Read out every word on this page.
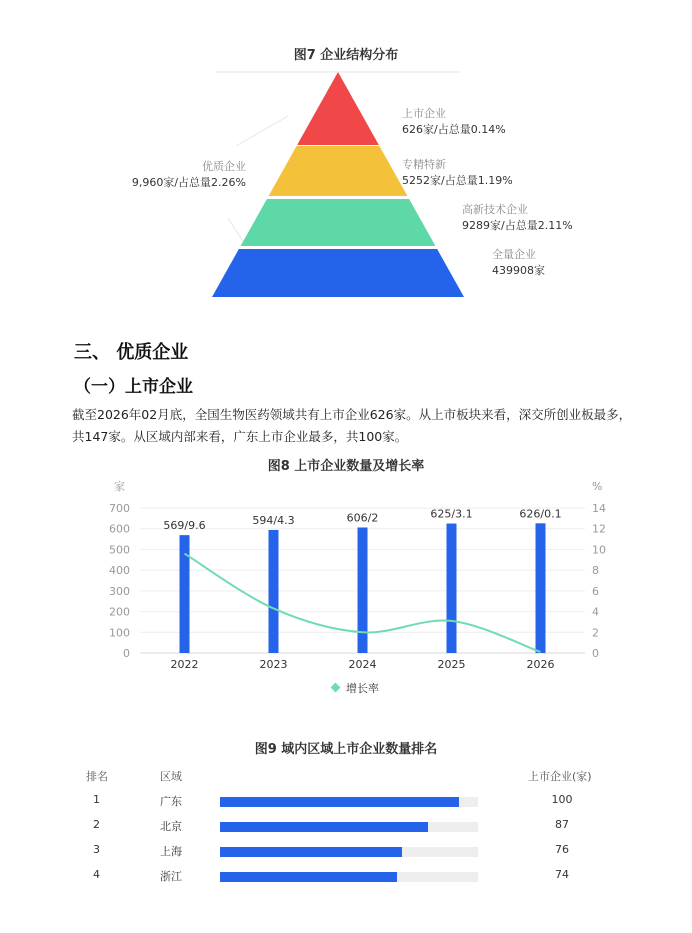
图7 企业结构分布
上市企业
626家/占总量0.14%
专精特新
5252家/占总量1.19%
高新技术企业
9289家/占总量2.11%
全量企业
439908家
优质企业
9,960家/占总量2.26%
三、 优质企业
（一）上市企业

截至2026年02月底，全国生物医药领域共有上市企业626家。从上市板块来看，深交所创业板最多，
共147家。从区域内部来看，广东上市企业最多，共100家。

图8 上市企业数量及增长率
0
100
200
300
400
500
600
700
0
2
4
6
8
10
12
14
家	%
569/9.6	594/4.3	606/2	625/3.1	626/0.1
2022	2023	2024	2025	2026
增长率
图9 域内区域上市企业数量排名
排名	区域	上市企业(家)
1	广东	100
2	北京	87
3	上海	76
4	浙江	74
